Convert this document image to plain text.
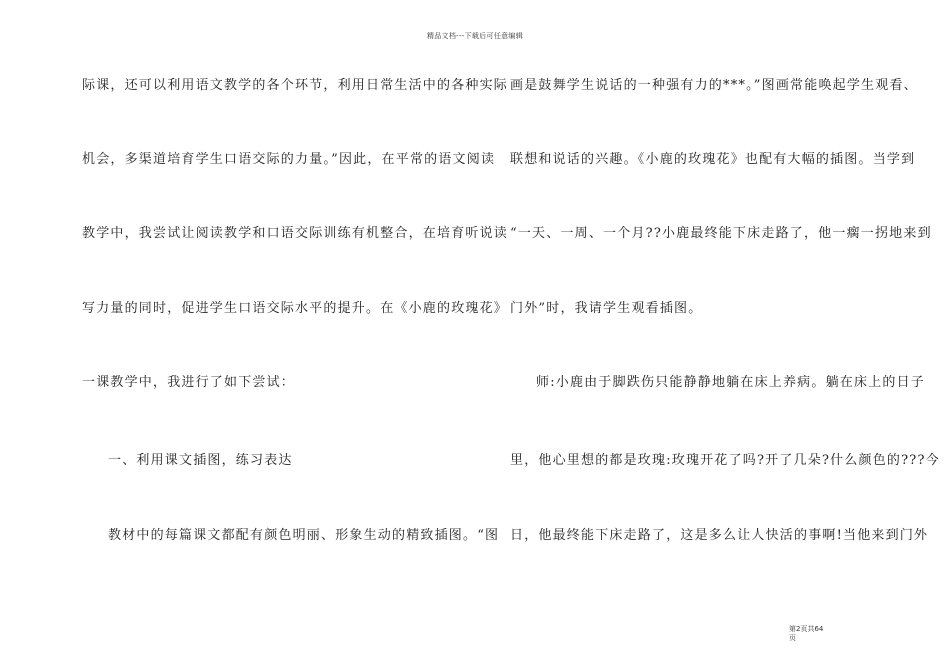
精品文档---下载后可任意编辑
际课，还可以利用语文教学的各个环节，利用日常生活中的各种实际
机会，多渠道培育学生口语交际的力量。”因此，在平常的语文阅读
教学中，我尝试让阅读教学和口语交际训练有机整合，在培育听说读
写力量的同时，促进学生口语交际水平的提升。在《小鹿的玫瑰花》
一课教学中，我进行了如下尝试：
一、利用课文插图，练习表达
教材中的每篇课文都配有颜色明丽、形象生动的精致插图。“图
画是鼓舞学生说话的一种强有力的***。”图画常能唤起学生观看、
联想和说话的兴趣。《小鹿的玫瑰花》也配有大幅的插图。当学到
“一天、一周、一个月??小鹿最终能下床走路了，他一瘸一拐地来到
门外”时，我请学生观看插图。
师:小鹿由于脚跌伤只能静静地躺在床上养病。躺在床上的日子
里，他心里想的都是玫瑰:玫瑰开花了吗?开了几朵?什么颜色的???今
日，他最终能下床走路了，这是多么让人快活的事啊!当他来到门外
第2页共64
页
